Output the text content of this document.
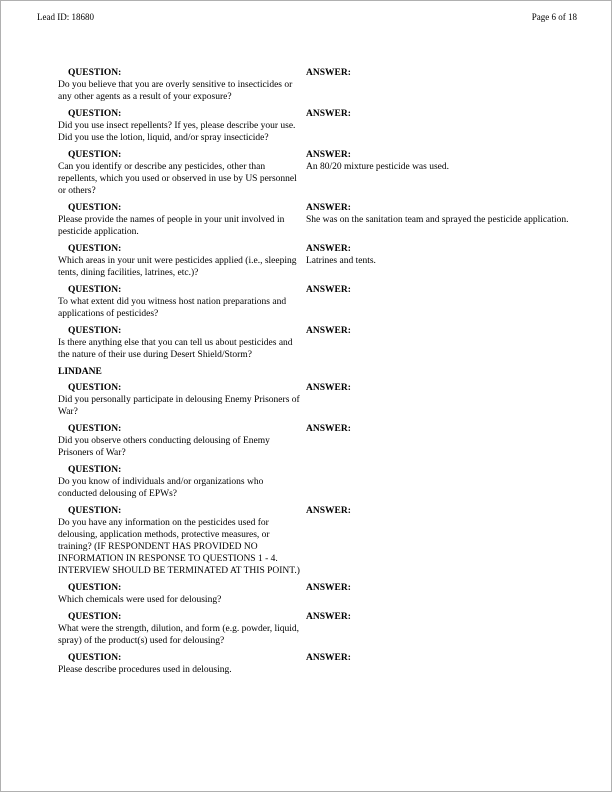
Lead ID: 18680	Page 6 of 18
QUESTION:
Do you believe that you are overly sensitive to insecticides or any other agents as a result of your exposure?
ANSWER:
QUESTION:
Did you use insect repellents? If yes, please describe your use. Did you use the lotion, liquid, and/or spray insecticide?
ANSWER:
QUESTION:
Can you identify or describe any pesticides, other than repellents, which you used or observed in use by US personnel or others?
ANSWER:
An 80/20 mixture pesticide was used.
QUESTION:
Please provide the names of people in your unit involved in pesticide application.
ANSWER:
She was on the sanitation team and sprayed the pesticide application.
QUESTION:
Which areas in your unit were pesticides applied (i.e., sleeping tents, dining facilities, latrines, etc.)?
ANSWER:
Latrines and tents.
QUESTION:
To what extent did you witness host nation preparations and applications of pesticides?
ANSWER:
QUESTION:
Is there anything else that you can tell us about pesticides and the nature of their use during Desert Shield/Storm?
ANSWER:
LINDANE
QUESTION:
Did you personally participate in delousing Enemy Prisoners of War?
ANSWER:
QUESTION:
Did you observe others conducting delousing of Enemy Prisoners of War?
ANSWER:
QUESTION:
Do you know of individuals and/or organizations who conducted delousing of EPWs?
QUESTION:
Do you have any information on the pesticides used for delousing, application methods, protective measures, or training? (IF RESPONDENT HAS PROVIDED NO INFORMATION IN RESPONSE TO QUESTIONS 1 - 4. INTERVIEW SHOULD BE TERMINATED AT THIS POINT.)
ANSWER:
QUESTION:
Which chemicals were used for delousing?
ANSWER:
QUESTION:
What were the strength, dilution, and form (e.g. powder, liquid, spray) of the product(s) used for delousing?
ANSWER:
QUESTION:
Please describe procedures used in delousing.
ANSWER:
